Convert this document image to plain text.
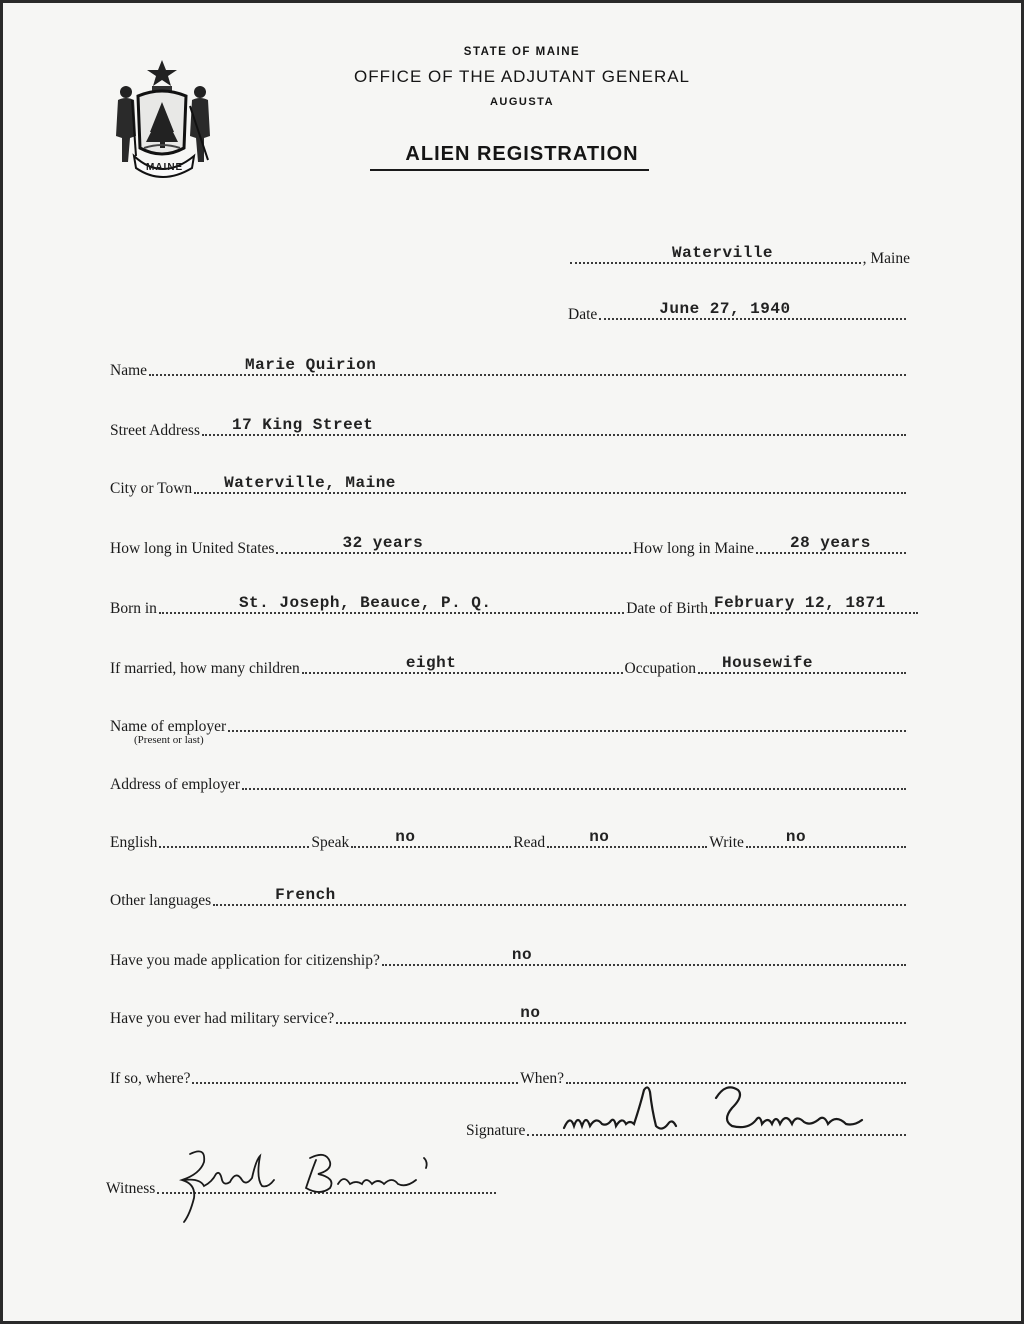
MAINE
STATE OF MAINE
OFFICE OF THE ADJUTANT GENERAL
AUGUSTA
ALIEN REGISTRATION
Waterville	, Maine
Date	June 27, 1940
Name	Marie Quirion
Street Address 17 King Street
City or Town Waterville, Maine
How long in United States	32 years	How long in Maine 28 years
Born in	St. Joseph, Beauce, P. Q.	Date of Birth February 12, 1871
If married, how many children	eight	Occupation Housewife
Name of employer
(Present or last)
Address of employer
English	Speak	no	Read	no	Write	no
Other languages	French
Have you made application for citizenship?	no
Have you ever had military service?	no
If so, where?	When?
Signature
Witness
